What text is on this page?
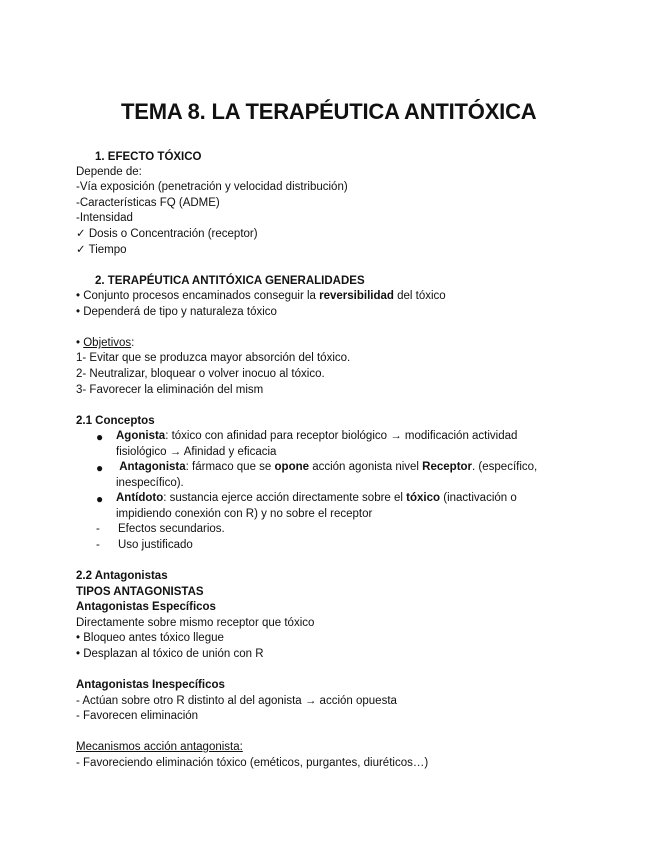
TEMA 8. LA TERAPÉUTICA ANTITÓXICA
1. EFECTO TÓXICO
Depende de:
-Vía exposición (penetración y velocidad distribución)
-Características FQ (ADME)
-Intensidad
✓ Dosis o Concentración (receptor)
✓ Tiempo
2. TERAPÉUTICA ANTITÓXICA GENERALIDADES
• Conjunto procesos encaminados conseguir la reversibilidad del tóxico
• Dependerá de tipo y naturaleza tóxico
• Objetivos:
1- Evitar que se produzca mayor absorción del tóxico.
2- Neutralizar, bloquear o volver inocuo al tóxico.
3- Favorecer la eliminación del mism
2.1 Conceptos
● Agonista: tóxico con afinidad para receptor biológico → modificación actividad
fisiológico → Afinidad y eficacia
● Antagonista: fármaco que se opone acción agonista nivel Receptor. (específico,
inespecífico).
● Antídoto: sustancia ejerce acción directamente sobre el tóxico (inactivación o
impidiendo conexión con R) y no sobre el receptor
- Efectos secundarios.
- Uso justificado
2.2 Antagonistas
TIPOS ANTAGONISTAS
Antagonistas Específicos
Directamente sobre mismo receptor que tóxico
• Bloqueo antes tóxico llegue
• Desplazan al tóxico de unión con R
Antagonistas Inespecíficos
- Actúan sobre otro R distinto al del agonista → acción opuesta
- Favorecen eliminación
Mecanismos acción antagonista:
- Favoreciendo eliminación tóxico (eméticos, purgantes, diuréticos…)
